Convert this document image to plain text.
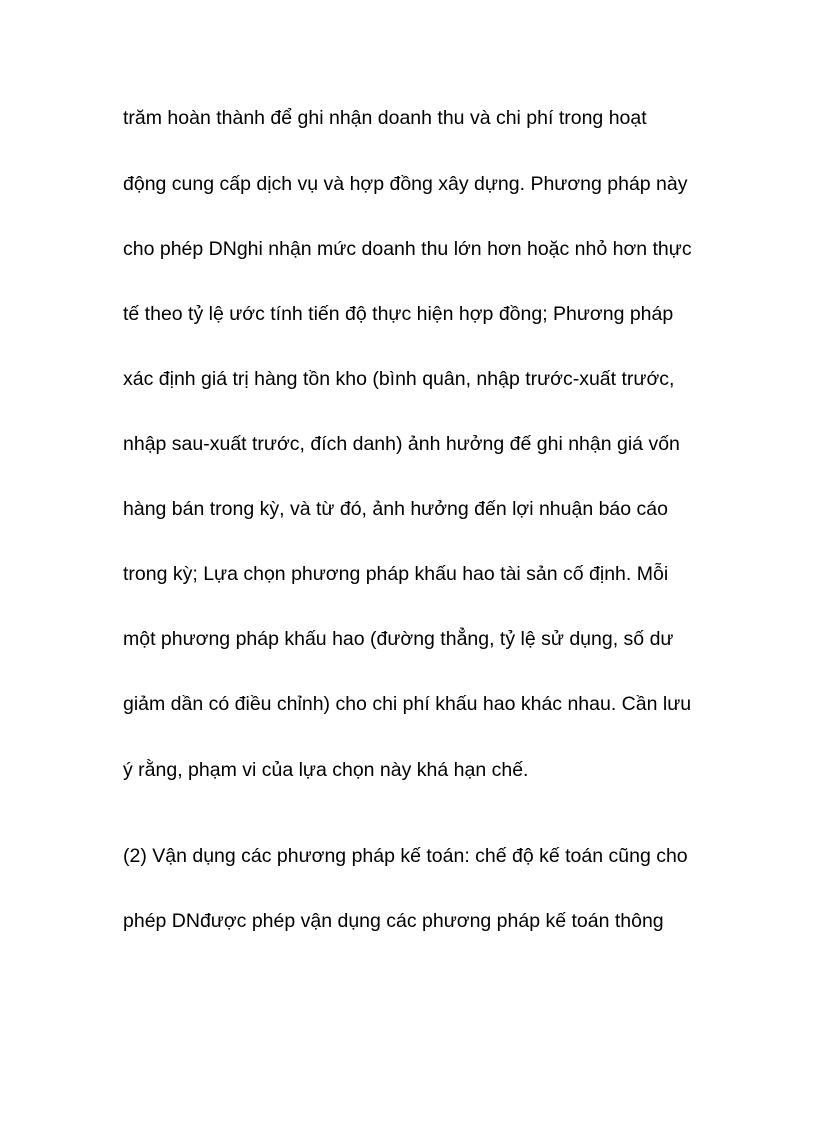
trăm hoàn thành để ghi nhận doanh thu và chi phí trong hoạt

động cung cấp dịch vụ và hợp đồng xây dựng. Phương pháp này

cho phép DNghi nhận mức doanh thu lớn hơn hoặc nhỏ hơn thực

tế theo tỷ lệ ước tính tiến độ thực hiện hợp đồng; Phương pháp

xác định giá trị hàng tồn kho (bình quân, nhập trước-xuất trước,

nhập sau-xuất trước, đích danh) ảnh hưởng đế ghi nhận giá vốn

hàng bán trong kỳ, và từ đó, ảnh hưởng đến lợi nhuận báo cáo

trong kỳ; Lựa chọn phương pháp khấu hao tài sản cố định. Mỗi

một phương pháp khấu hao (đường thẳng, tỷ lệ sử dụng, số dư

giảm dần có điều chỉnh) cho chi phí khấu hao khác nhau. Cần lưu

ý rằng, phạm vi của lựa chọn này khá hạn chế.

(2) Vận dụng các phương pháp kế toán: chế độ kế toán cũng cho

phép DNđược phép vận dụng các phương pháp kế toán thông
